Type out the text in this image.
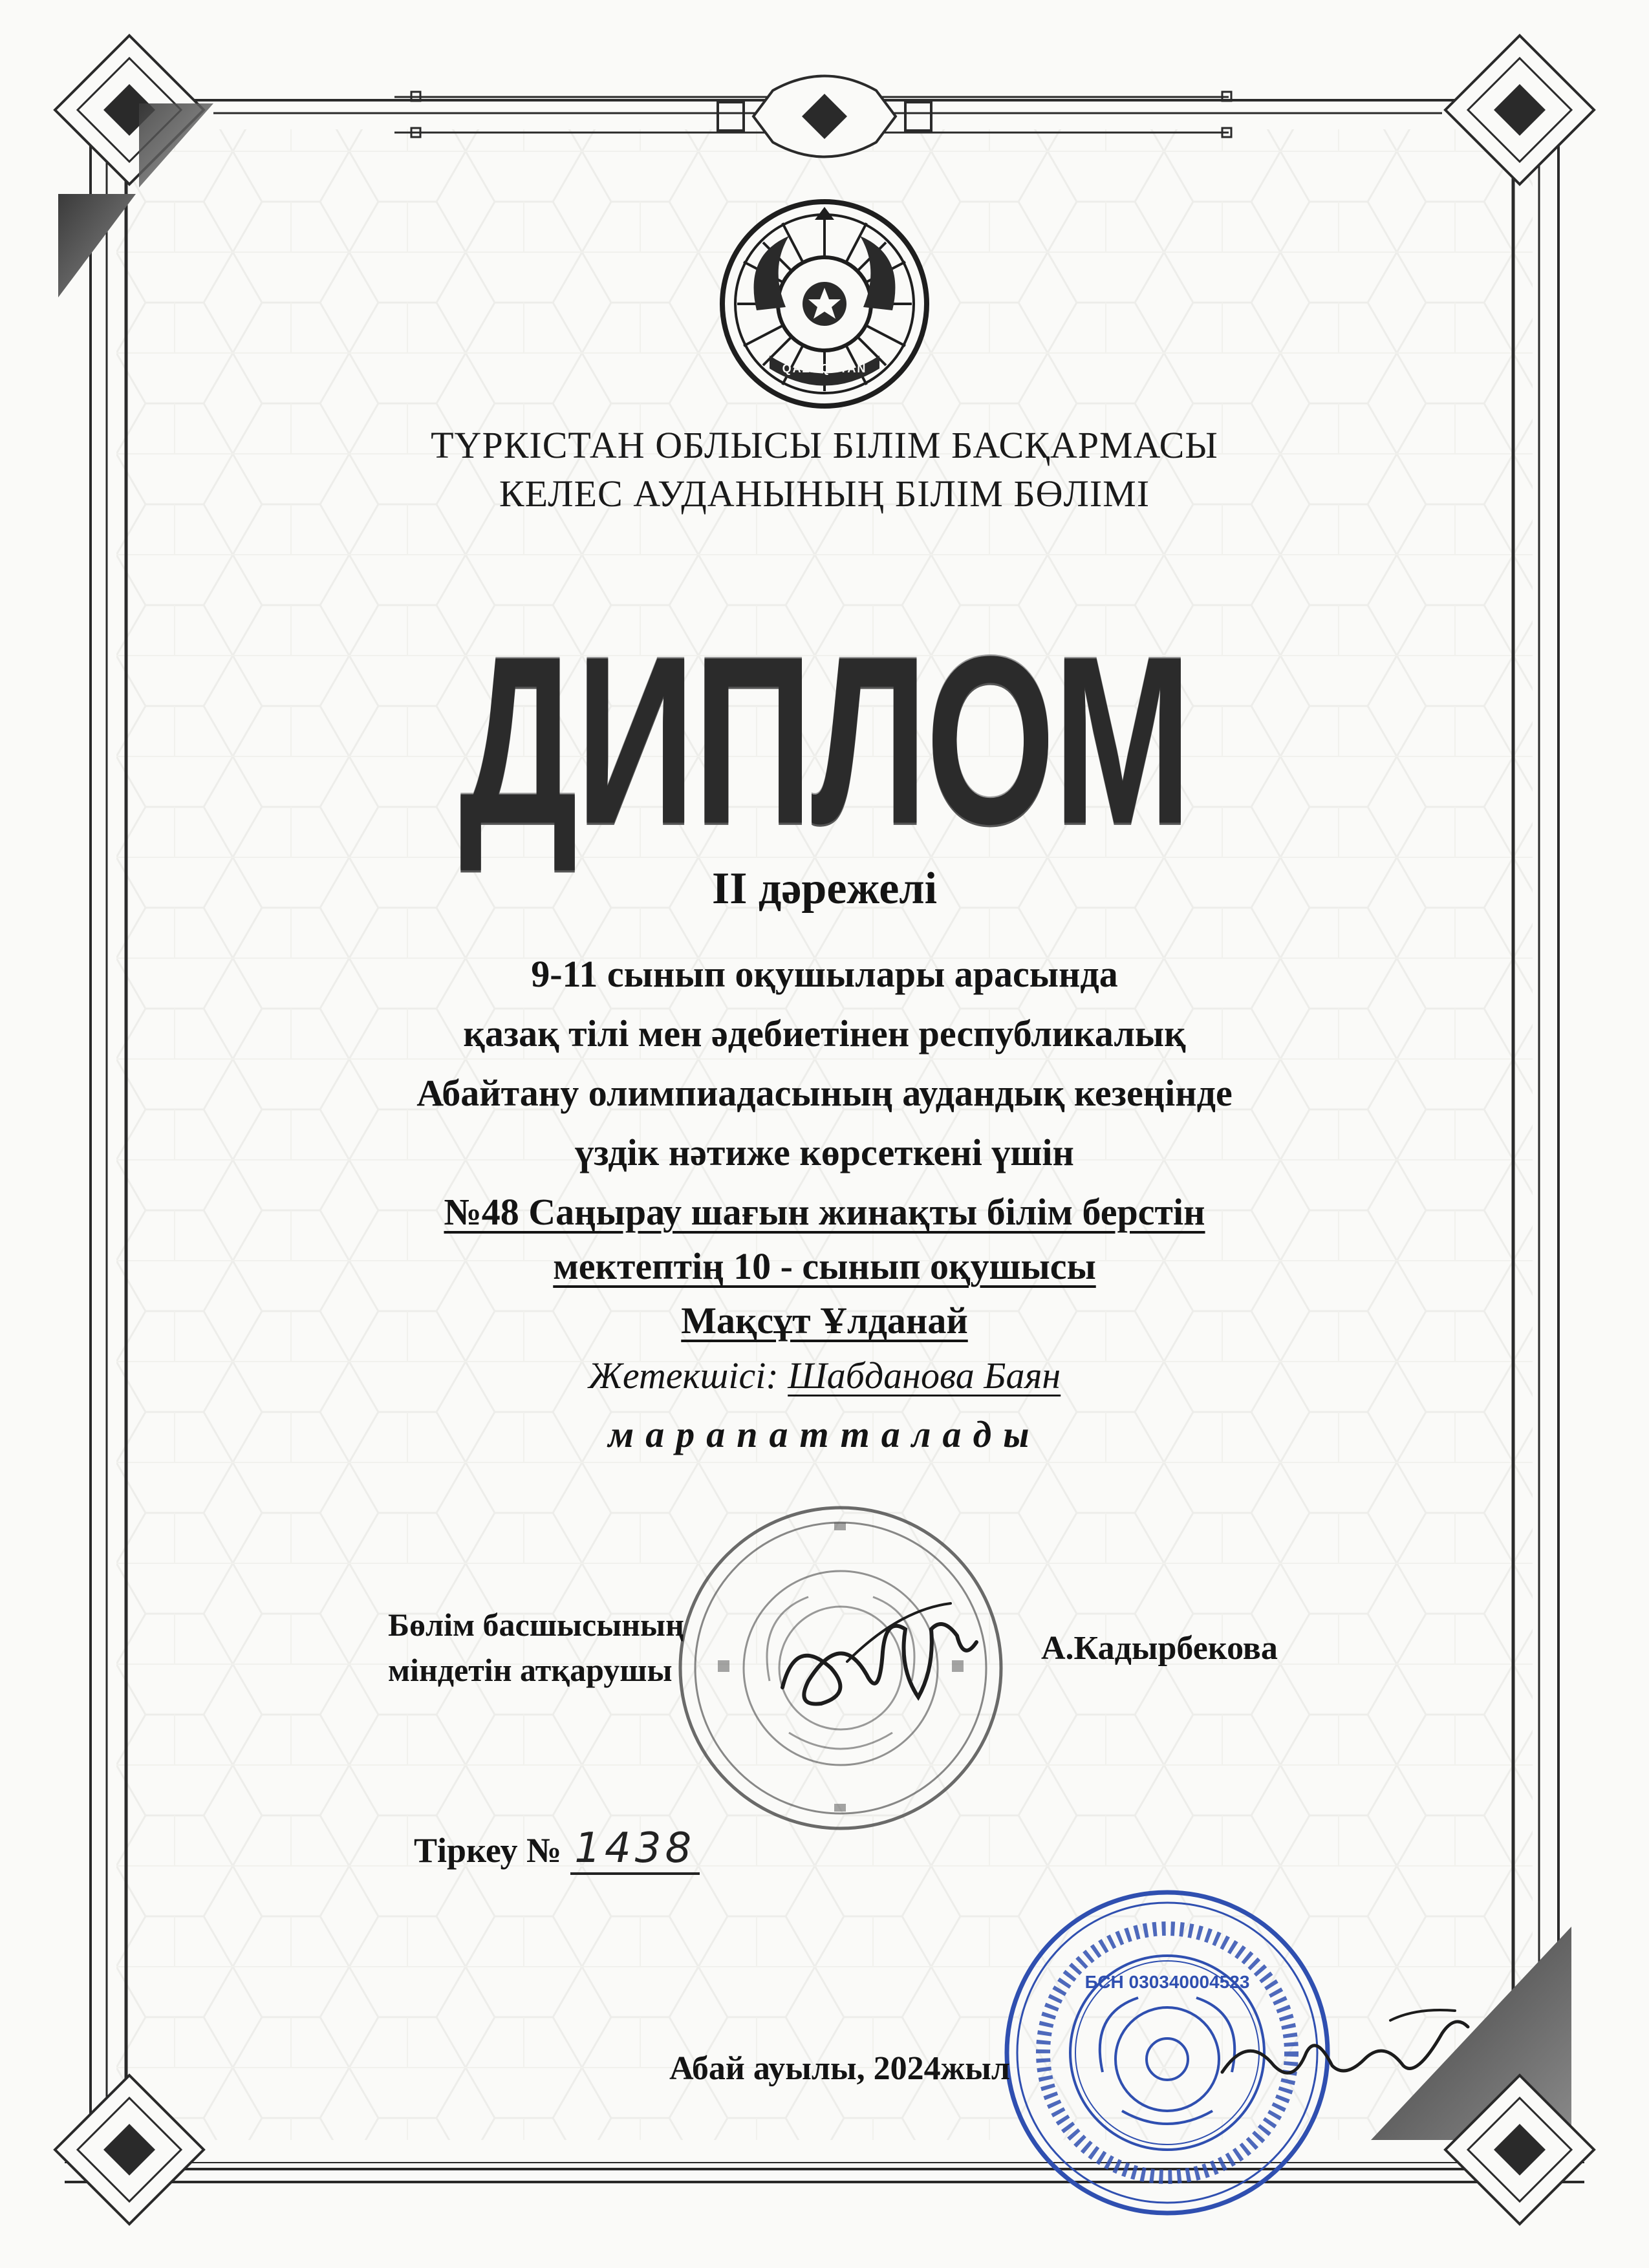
QAZAQSTAN
ТҮРКІСТАН ОБЛЫСЫ БІЛІМ БАСҚАРМАСЫ
КЕЛЕС АУДАНЫНЫҢ БІЛІМ БӨЛІМІ
ДИПЛОМ
II дәрежелі
9-11 сынып оқушылары арасында
қазақ тілі мен әдебиетінен республикалық
Абайтану олимпиадасының аудандық кезеңінде
үздік нәтиже көрсеткені үшін
№48 Саңырау шағын жинақты білім берстін
мектептің 10 - сынып оқушысы
Мақсұт Ұлданай
Жетекшісі: Шабданова Баян
марапатталады
Бөлім басшысының
міндетін атқарушы
А.Кадырбекова
Тіркеу № 1438
БСН 030340004523
Абай ауылы, 2024жыл
